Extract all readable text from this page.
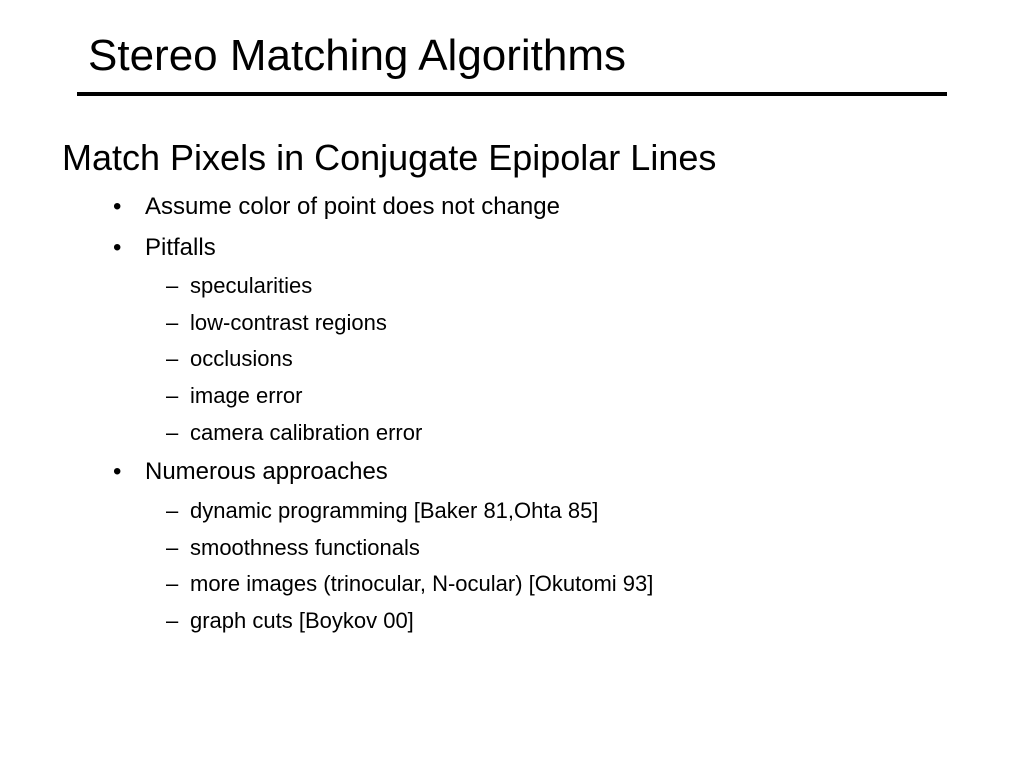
Stereo Matching Algorithms
Match Pixels in Conjugate Epipolar Lines
• Assume color of point does not change
• Pitfalls
– specularities
– low-contrast regions
– occlusions
– image error
– camera calibration error
• Numerous approaches
– dynamic programming [Baker 81,Ohta 85]
– smoothness functionals
– more images (trinocular, N-ocular) [Okutomi 93]
– graph cuts [Boykov 00]
